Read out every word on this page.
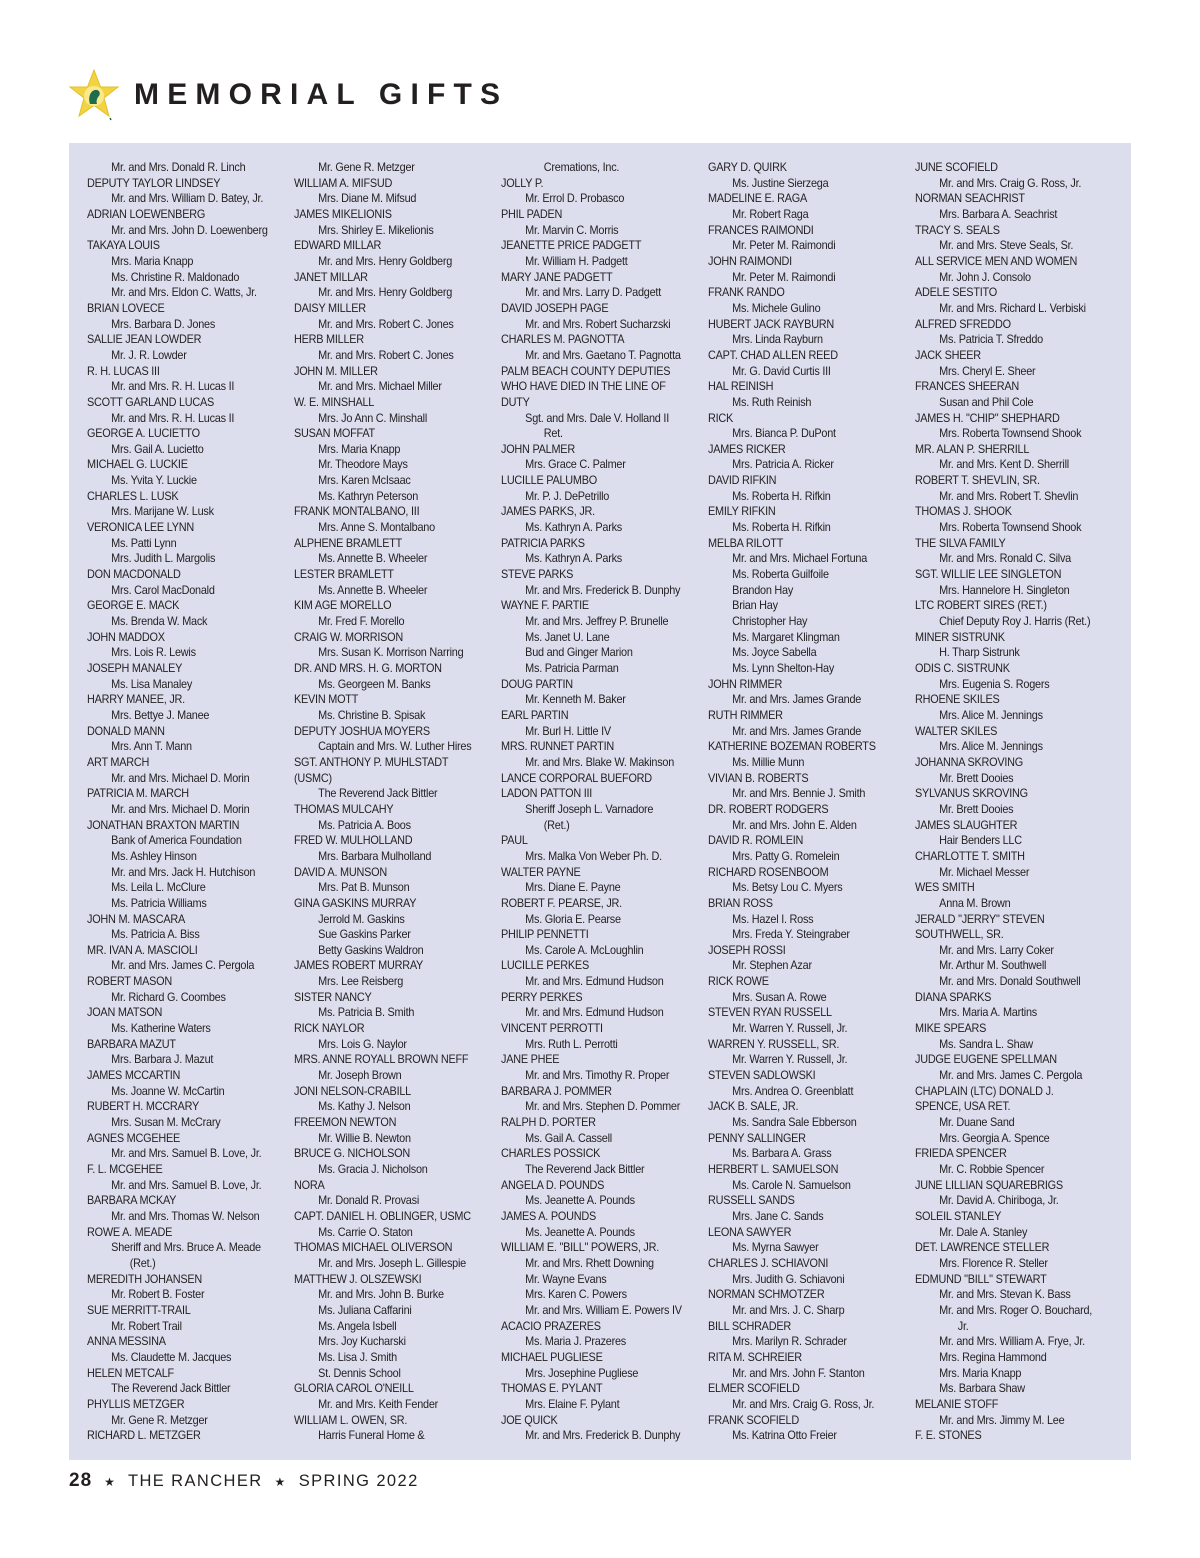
MEMORIAL GIFTS
Mr. and Mrs. Donald R. Linch
DEPUTY TAYLOR LINDSEY
Mr. and Mrs. William D. Batey, Jr.
ADRIAN LOEWENBERG
Mr. and Mrs. John D. Loewenberg
TAKAYA LOUIS
Mrs. Maria Knapp
Ms. Christine R. Maldonado
Mr. and Mrs. Eldon C. Watts, Jr.
BRIAN LOVECE
Mrs. Barbara D. Jones
SALLIE JEAN LOWDER
Mr. J. R. Lowder
R. H. LUCAS III
Mr. and Mrs. R. H. Lucas II
SCOTT GARLAND LUCAS
Mr. and Mrs. R. H. Lucas II
GEORGE A. LUCIETTO
Mrs. Gail A. Lucietto
MICHAEL G. LUCKIE
Ms. Yvita Y. Luckie
CHARLES L. LUSK
Mrs. Marijane W. Lusk
VERONICA LEE LYNN
Ms. Patti Lynn
Mrs. Judith L. Margolis
DON MACDONALD
Mrs. Carol MacDonald
GEORGE E. MACK
Ms. Brenda W. Mack
JOHN MADDOX
Mrs. Lois R. Lewis
JOSEPH MANALEY
Ms. Lisa Manaley
HARRY MANEE, JR.
Mrs. Bettye J. Manee
DONALD MANN
Mrs. Ann T. Mann
ART MARCH
Mr. and Mrs. Michael D. Morin
PATRICIA M. MARCH
Mr. and Mrs. Michael D. Morin
JONATHAN BRAXTON MARTIN
Bank of America Foundation
Ms. Ashley Hinson
Mr. and Mrs. Jack H. Hutchison
Ms. Leila L. McClure
Ms. Patricia Williams
JOHN M. MASCARA
Ms. Patricia A. Biss
MR. IVAN A. MASCIOLI
Mr. and Mrs. James C. Pergola
ROBERT MASON
Mr. Richard G. Coombes
JOAN MATSON
Ms. Katherine Waters
BARBARA MAZUT
Mrs. Barbara J. Mazut
JAMES MCCARTIN
Ms. Joanne W. McCartin
RUBERT H. MCCRARY
Mrs. Susan M. McCrary
AGNES MCGEHEE
Mr. and Mrs. Samuel B. Love, Jr.
F. L. MCGEHEE
Mr. and Mrs. Samuel B. Love, Jr.
BARBARA MCKAY
Mr. and Mrs. Thomas W. Nelson
ROWE A. MEADE
Sheriff and Mrs. Bruce A. Meade
(Ret.)
MEREDITH JOHANSEN
Mr. Robert B. Foster
SUE MERRITT-TRAIL
Mr. Robert Trail
ANNA MESSINA
Ms. Claudette M. Jacques
HELEN METCALF
The Reverend Jack Bittler
PHYLLIS METZGER
Mr. Gene R. Metzger
RICHARD L. METZGER
Mr. Gene R. Metzger
WILLIAM A. MIFSUD
Mrs. Diane M. Mifsud
JAMES MIKELIONIS
Mrs. Shirley E. Mikelionis
EDWARD MILLAR
Mr. and Mrs. Henry Goldberg
JANET MILLAR
Mr. and Mrs. Henry Goldberg
DAISY MILLER
Mr. and Mrs. Robert C. Jones
HERB MILLER
Mr. and Mrs. Robert C. Jones
JOHN M. MILLER
Mr. and Mrs. Michael Miller
W. E. MINSHALL
Mrs. Jo Ann C. Minshall
SUSAN MOFFAT
Mrs. Maria Knapp
Mr. Theodore Mays
Mrs. Karen McIsaac
Ms. Kathryn Peterson
FRANK MONTALBANO, III
Mrs. Anne S. Montalbano
ALPHENE BRAMLETT
Ms. Annette B. Wheeler
LESTER BRAMLETT
Ms. Annette B. Wheeler
KIM AGE MORELLO
Mr. Fred F. Morello
CRAIG W. MORRISON
Mrs. Susan K. Morrison Narring
DR. AND MRS. H. G. MORTON
Ms. Georgeen M. Banks
KEVIN MOTT
Ms. Christine B. Spisak
DEPUTY JOSHUA MOYERS
Captain and Mrs. W. Luther Hires
SGT. ANTHONY P. MUHLSTADT
(USMC)
The Reverend Jack Bittler
THOMAS MULCAHY
Ms. Patricia A. Boos
FRED W. MULHOLLAND
Mrs. Barbara Mulholland
DAVID A. MUNSON
Mrs. Pat B. Munson
GINA GASKINS MURRAY
Jerrold M. Gaskins
Sue Gaskins Parker
Betty Gaskins Waldron
JAMES ROBERT MURRAY
Mrs. Lee Reisberg
SISTER NANCY
Ms. Patricia B. Smith
RICK NAYLOR
Mrs. Lois G. Naylor
MRS. ANNE ROYALL BROWN NEFF
Mr. Joseph Brown
JONI NELSON-CRABILL
Ms. Kathy J. Nelson
FREEMON NEWTON
Mr. Willie B. Newton
BRUCE G. NICHOLSON
Ms. Gracia J. Nicholson
NORA
Mr. Donald R. Provasi
CAPT. DANIEL H. OBLINGER, USMC
Ms. Carrie O. Staton
THOMAS MICHAEL OLIVERSON
Mr. and Mrs. Joseph L. Gillespie
MATTHEW J. OLSZEWSKI
Mr. and Mrs. John B. Burke
Ms. Juliana Caffarini
Ms. Angela Isbell
Mrs. Joy Kucharski
Ms. Lisa J. Smith
St. Dennis School
GLORIA CAROL O'NEILL
Mr. and Mrs. Keith Fender
WILLIAM L. OWEN, SR.
Harris Funeral Home &
Cremations, Inc.
JOLLY P.
Mr. Errol D. Probasco
PHIL PADEN
Mr. Marvin C. Morris
JEANETTE PRICE PADGETT
Mr. William H. Padgett
MARY JANE PADGETT
Mr. and Mrs. Larry D. Padgett
DAVID JOSEPH PAGE
Mr. and Mrs. Robert Sucharzski
CHARLES M. PAGNOTTA
Mr. and Mrs. Gaetano T. Pagnotta
PALM BEACH COUNTY DEPUTIES
WHO HAVE DIED IN THE LINE OF
DUTY
Sgt. and Mrs. Dale V. Holland II
Ret.
JOHN PALMER
Mrs. Grace C. Palmer
LUCILLE PALUMBO
Mr. P. J. DePetrillo
JAMES PARKS, JR.
Ms. Kathryn A. Parks
PATRICIA PARKS
Ms. Kathryn A. Parks
STEVE PARKS
Mr. and Mrs. Frederick B. Dunphy
WAYNE F. PARTIE
Mr. and Mrs. Jeffrey P. Brunelle
Ms. Janet U. Lane
Bud and Ginger Marion
Ms. Patricia Parman
DOUG PARTIN
Mr. Kenneth M. Baker
EARL PARTIN
Mr. Burl H. Little IV
MRS. RUNNET PARTIN
Mr. and Mrs. Blake W. Makinson
LANCE CORPORAL BUEFORD
LADON PATTON III
Sheriff Joseph L. Varnadore
(Ret.)
PAUL
Mrs. Malka Von Weber Ph. D.
WALTER PAYNE
Mrs. Diane E. Payne
ROBERT F. PEARSE, JR.
Ms. Gloria E. Pearse
PHILIP PENNETTI
Ms. Carole A. McLoughlin
LUCILLE PERKES
Mr. and Mrs. Edmund Hudson
PERRY PERKES
Mr. and Mrs. Edmund Hudson
VINCENT PERROTTI
Mrs. Ruth L. Perrotti
JANE PHEE
Mr. and Mrs. Timothy R. Proper
BARBARA J. POMMER
Mr. and Mrs. Stephen D. Pommer
RALPH D. PORTER
Ms. Gail A. Cassell
CHARLES POSSICK
The Reverend Jack Bittler
ANGELA D. POUNDS
Ms. Jeanette A. Pounds
JAMES A. POUNDS
Ms. Jeanette A. Pounds
WILLIAM E. "BILL" POWERS, JR.
Mr. and Mrs. Rhett Downing
Mr. Wayne Evans
Mrs. Karen C. Powers
Mr. and Mrs. William E. Powers IV
ACACIO PRAZERES
Ms. Maria J. Prazeres
MICHAEL PUGLIESE
Mrs. Josephine Pugliese
THOMAS E. PYLANT
Mrs. Elaine F. Pylant
JOE QUICK
Mr. and Mrs. Frederick B. Dunphy
GARY D. QUIRK
Ms. Justine Sierzega
MADELINE E. RAGA
Mr. Robert Raga
FRANCES RAIMONDI
Mr. Peter M. Raimondi
JOHN RAIMONDI
Mr. Peter M. Raimondi
FRANK RANDO
Ms. Michele Gulino
HUBERT JACK RAYBURN
Mrs. Linda Rayburn
CAPT. CHAD ALLEN REED
Mr. G. David Curtis III
HAL REINISH
Ms. Ruth Reinish
RICK
Mrs. Bianca P. DuPont
JAMES RICKER
Mrs. Patricia A. Ricker
DAVID RIFKIN
Ms. Roberta H. Rifkin
EMILY RIFKIN
Ms. Roberta H. Rifkin
MELBA RILOTT
Mr. and Mrs. Michael Fortuna
Ms. Roberta Guilfoile
Brandon Hay
Brian Hay
Christopher Hay
Ms. Margaret Klingman
Ms. Joyce Sabella
Ms. Lynn Shelton-Hay
JOHN RIMMER
Mr. and Mrs. James Grande
RUTH RIMMER
Mr. and Mrs. James Grande
KATHERINE BOZEMAN ROBERTS
Ms. Millie Munn
VIVIAN B. ROBERTS
Mr. and Mrs. Bennie J. Smith
DR. ROBERT RODGERS
Mr. and Mrs. John E. Alden
DAVID R. ROMLEIN
Mrs. Patty G. Romelein
RICHARD ROSENBOOM
Ms. Betsy Lou C. Myers
BRIAN ROSS
Ms. Hazel I. Ross
Mrs. Freda Y. Steingraber
JOSEPH ROSSI
Mr. Stephen Azar
RICK ROWE
Mrs. Susan A. Rowe
STEVEN RYAN RUSSELL
Mr. Warren Y. Russell, Jr.
WARREN Y. RUSSELL, SR.
Mr. Warren Y. Russell, Jr.
STEVEN SADLOWSKI
Mrs. Andrea O. Greenblatt
JACK B. SALE, JR.
Ms. Sandra Sale Ebberson
PENNY SALLINGER
Ms. Barbara A. Grass
HERBERT L. SAMUELSON
Ms. Carole N. Samuelson
RUSSELL SANDS
Mrs. Jane C. Sands
LEONA SAWYER
Ms. Myrna Sawyer
CHARLES J. SCHIAVONI
Mrs. Judith G. Schiavoni
NORMAN SCHMOTZER
Mr. and Mrs. J. C. Sharp
BILL SCHRADER
Mrs. Marilyn R. Schrader
RITA M. SCHREIER
Mr. and Mrs. John F. Stanton
ELMER SCOFIELD
Mr. and Mrs. Craig G. Ross, Jr.
FRANK SCOFIELD
Ms. Katrina Otto Freier
JUNE SCOFIELD
Mr. and Mrs. Craig G. Ross, Jr.
NORMAN SEACHRIST
Mrs. Barbara A. Seachrist
TRACY S. SEALS
Mr. and Mrs. Steve Seals, Sr.
ALL SERVICE MEN AND WOMEN
Mr. John J. Consolo
ADELE SESTITO
Mr. and Mrs. Richard L. Verbiski
ALFRED SFREDDO
Ms. Patricia T. Sfreddo
JACK SHEER
Mrs. Cheryl E. Sheer
FRANCES SHEERAN
Susan and Phil Cole
JAMES H. "CHIP" SHEPHARD
Mrs. Roberta Townsend Shook
MR. ALAN P. SHERRILL
Mr. and Mrs. Kent D. Sherrill
ROBERT T. SHEVLIN, SR.
Mr. and Mrs. Robert T. Shevlin
THOMAS J. SHOOK
Mrs. Roberta Townsend Shook
THE SILVA FAMILY
Mr. and Mrs. Ronald C. Silva
SGT. WILLIE LEE SINGLETON
Mrs. Hannelore H. Singleton
LTC ROBERT SIRES (RET.)
Chief Deputy Roy J. Harris (Ret.)
MINER SISTRUNK
H. Tharp Sistrunk
ODIS C. SISTRUNK
Mrs. Eugenia S. Rogers
RHOENE SKILES
Mrs. Alice M. Jennings
WALTER SKILES
Mrs. Alice M. Jennings
JOHANNA SKROVING
Mr. Brett Dooies
SYLVANUS SKROVING
Mr. Brett Dooies
JAMES SLAUGHTER
Hair Benders LLC
CHARLOTTE T. SMITH
Mr. Michael Messer
WES SMITH
Anna M. Brown
JERALD "JERRY" STEVEN
SOUTHWELL, SR.
Mr. and Mrs. Larry Coker
Mr. Arthur M. Southwell
Mr. and Mrs. Donald Southwell
DIANA SPARKS
Mrs. Maria A. Martins
MIKE SPEARS
Ms. Sandra L. Shaw
JUDGE EUGENE SPELLMAN
Mr. and Mrs. James C. Pergola
CHAPLAIN (LTC) DONALD J.
SPENCE, USA RET.
Mr. Duane Sand
Mrs. Georgia A. Spence
FRIEDA SPENCER
Mr. C. Robbie Spencer
JUNE LILLIAN SQUAREBRIGS
Mr. David A. Chiriboga, Jr.
SOLEIL STANLEY
Mr. Dale A. Stanley
DET. LAWRENCE STELLER
Mrs. Florence R. Steller
EDMUND "BILL" STEWART
Mr. and Mrs. Stevan K. Bass
Mr. and Mrs. Roger O. Bouchard,
Jr.
Mr. and Mrs. William A. Frye, Jr.
Mrs. Regina Hammond
Mrs. Maria Knapp
Ms. Barbara Shaw
MELANIE STOFF
Mr. and Mrs. Jimmy M. Lee
F. E. STONES
28 ★ THE RANCHER ★ SPRING 2022
